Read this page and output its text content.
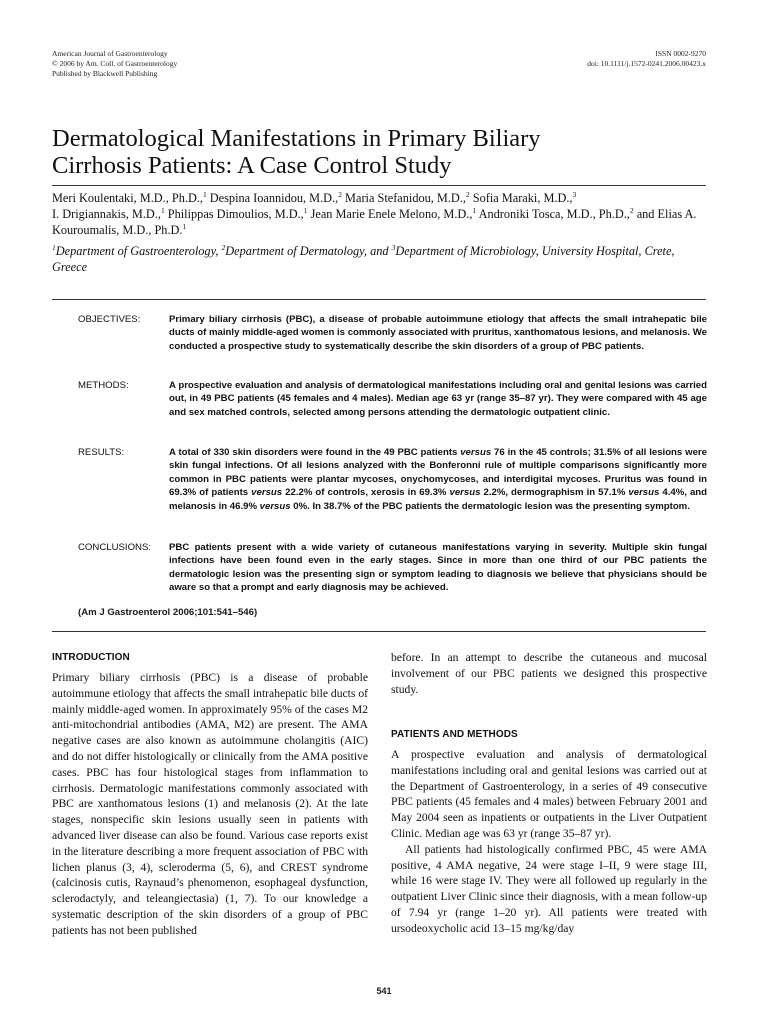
American Journal of Gastroenterology
© 2006 by Am. Coll. of Gastroenterology
Published by Blackwell Publishing
ISSN 0002-9270
doi: 10.1111/j.1572-0241.2006.00423.x
Dermatological Manifestations in Primary Biliary
Cirrhosis Patients: A Case Control Study
Meri Koulentaki, M.D., Ph.D.,$^1$ Despina Ioannidou, M.D.,$^2$ Maria Stefanidou, M.D.,$^2$ Sofia Maraki, M.D.,$^3$
I. Drigiannakis, M.D.,$^1$ Philippas Dimoulios, M.D.,$^1$ Jean Marie Enele Melono, M.D.,$^1$ Androniki Tosca, M.D., Ph.D.,$^2$ and Elias A. Kouroumalis, M.D., Ph.D.$^1$
$^1$Department of Gastroenterology, $^2$Department of Dermatology, and $^3$Department of Microbiology, University Hospital, Crete, Greece
OBJECTIVES:	Primary biliary cirrhosis (PBC), a disease of probable autoimmune etiology that affects the small intrahepatic bile ducts of mainly middle-aged women is commonly associated with pruritus, xanthomatous lesions, and melanosis. We conducted a prospective study to systematically describe the skin disorders of a group of PBC patients.
METHODS:	A prospective evaluation and analysis of dermatological manifestations including oral and genital lesions was carried out, in 49 PBC patients (45 females and 4 males). Median age 63 yr (range 35–87 yr). They were compared with 45 age and sex matched controls, selected among persons attending the dermatologic outpatient clinic.
RESULTS:	A total of 330 skin disorders were found in the 49 PBC patients versus 76 in the 45 controls; 31.5% of all lesions were skin fungal infections. Of all lesions analyzed with the Bonferonni rule of multiple comparisons significantly more common in PBC patients were plantar mycoses, onychomycoses, and interdigital mycoses. Pruritus was found in 69.3% of patients versus 22.2% of controls, xerosis in 69.3% versus 2.2%, dermographism in 57.1% versus 4.4%, and melanosis in 46.9% versus 0%. In 38.7% of the PBC patients the dermatologic lesion was the presenting symptom.
CONCLUSIONS:	PBC patients present with a wide variety of cutaneous manifestations varying in severity. Multiple skin fungal infections have been found even in the early stages. Since in more than one third of our PBC patients the dermatologic lesion was the presenting sign or symptom leading to diagnosis we believe that physicians should be aware so that a prompt and early diagnosis may be achieved.
(Am J Gastroenterol 2006;101:541–546)
INTRODUCTION

Primary biliary cirrhosis (PBC) is a disease of probable autoimmune etiology that affects the small intrahepatic bile ducts of mainly middle-aged women. In approximately 95% of the cases M2 anti-mitochondrial antibodies (AMA, M2) are present. The AMA negative cases are also known as autoimmune cholangitis (AIC) and do not differ histologically or clinically from the AMA positive cases. PBC has four histological stages from inflammation to cirrhosis. Dermatologic manifestations commonly associated with PBC are xanthomatous lesions (1) and melanosis (2). At the late stages, nonspecific skin lesions usually seen in patients with advanced liver disease can also be found. Various case reports exist in the literature describing a more frequent association of PBC with lichen planus (3, 4), scleroderma (5, 6), and CREST syndrome (calcinosis cutis, Raynaud’s phenomenon, esophageal dysfunction, sclerodactyly, and teleangiectasia) (1, 7). To our knowledge a systematic description of the skin disorders of a group of PBC patients has not been published

before. In an attempt to describe the cutaneous and mucosal involvement of our PBC patients we designed this prospective study.

PATIENTS AND METHODS

A prospective evaluation and analysis of dermatological manifestations including oral and genital lesions was carried out at the Department of Gastroenterology, in a series of 49 consecutive PBC patients (45 females and 4 males) between February 2001 and May 2004 seen as inpatients or outpatients in the Liver Outpatient Clinic. Median age was 63 yr (range 35–87 yr).

All patients had histologically confirmed PBC, 45 were AMA positive, 4 AMA negative, 24 were stage I–II, 9 were stage III, while 16 were stage IV. They were all followed up regularly in the outpatient Liver Clinic since their diagnosis, with a mean follow-up of 7.94 yr (range 1–20 yr). All patients were treated with ursodeoxycholic acid 13–15 mg/kg/day

541
